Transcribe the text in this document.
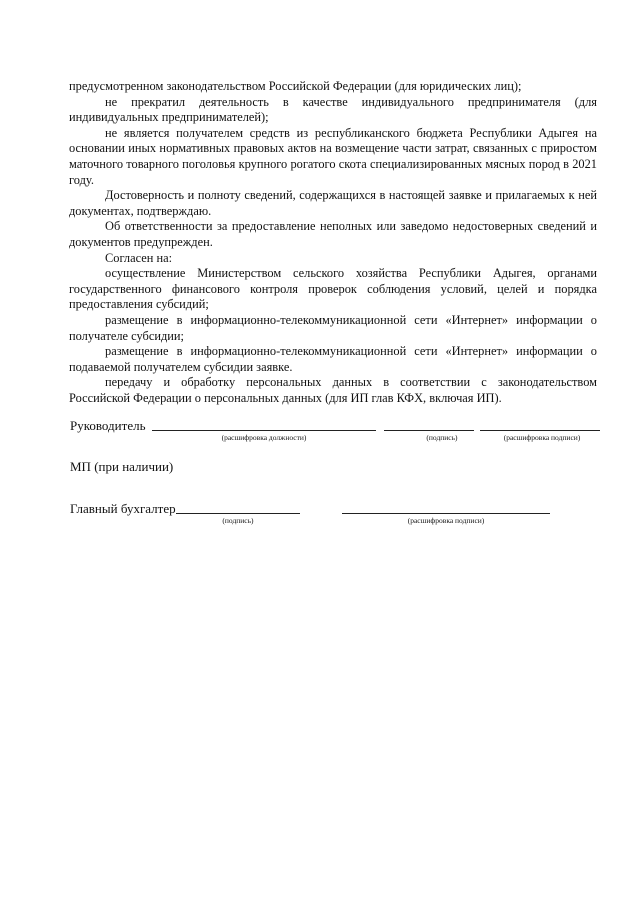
предусмотренном законодательством Российской Федерации (для юридических лиц);

не прекратил деятельность в качестве индивидуального предпринимателя (для индивидуальных предпринимателей);

не является получателем средств из республиканского бюджета Республики Адыгея на основании иных нормативных правовых актов на возмещение части затрат, связанных с приростом маточного товарного поголовья крупного рогатого скота специализированных мясных пород в 2021 году.

Достоверность и полноту сведений, содержащихся в настоящей заявке и прилагаемых к ней документах, подтверждаю.

Об ответственности за предоставление неполных или заведомо недостоверных сведений и документов предупрежден.

Согласен на:

осуществление Министерством сельского хозяйства Республики Адыгея, органами государственного финансового контроля проверок соблюдения условий, целей и порядка предоставления субсидий;

размещение в информационно-телекоммуникационной сети «Интернет» информации о получателе субсидии;

размещение в информационно-телекоммуникационной сети «Интернет» информации о подаваемой получателем субсидии заявке.

передачу и обработку персональных данных в соответствии с законодательством Российской Федерации о персональных данных (для ИП глав КФХ, включая ИП).

Руководитель
(расшифровка должности)	(подпись)	(расшифровка подписи)
МП (при наличии)
Главный бухгалтер
(подпись)	(расшифровка подписи)
